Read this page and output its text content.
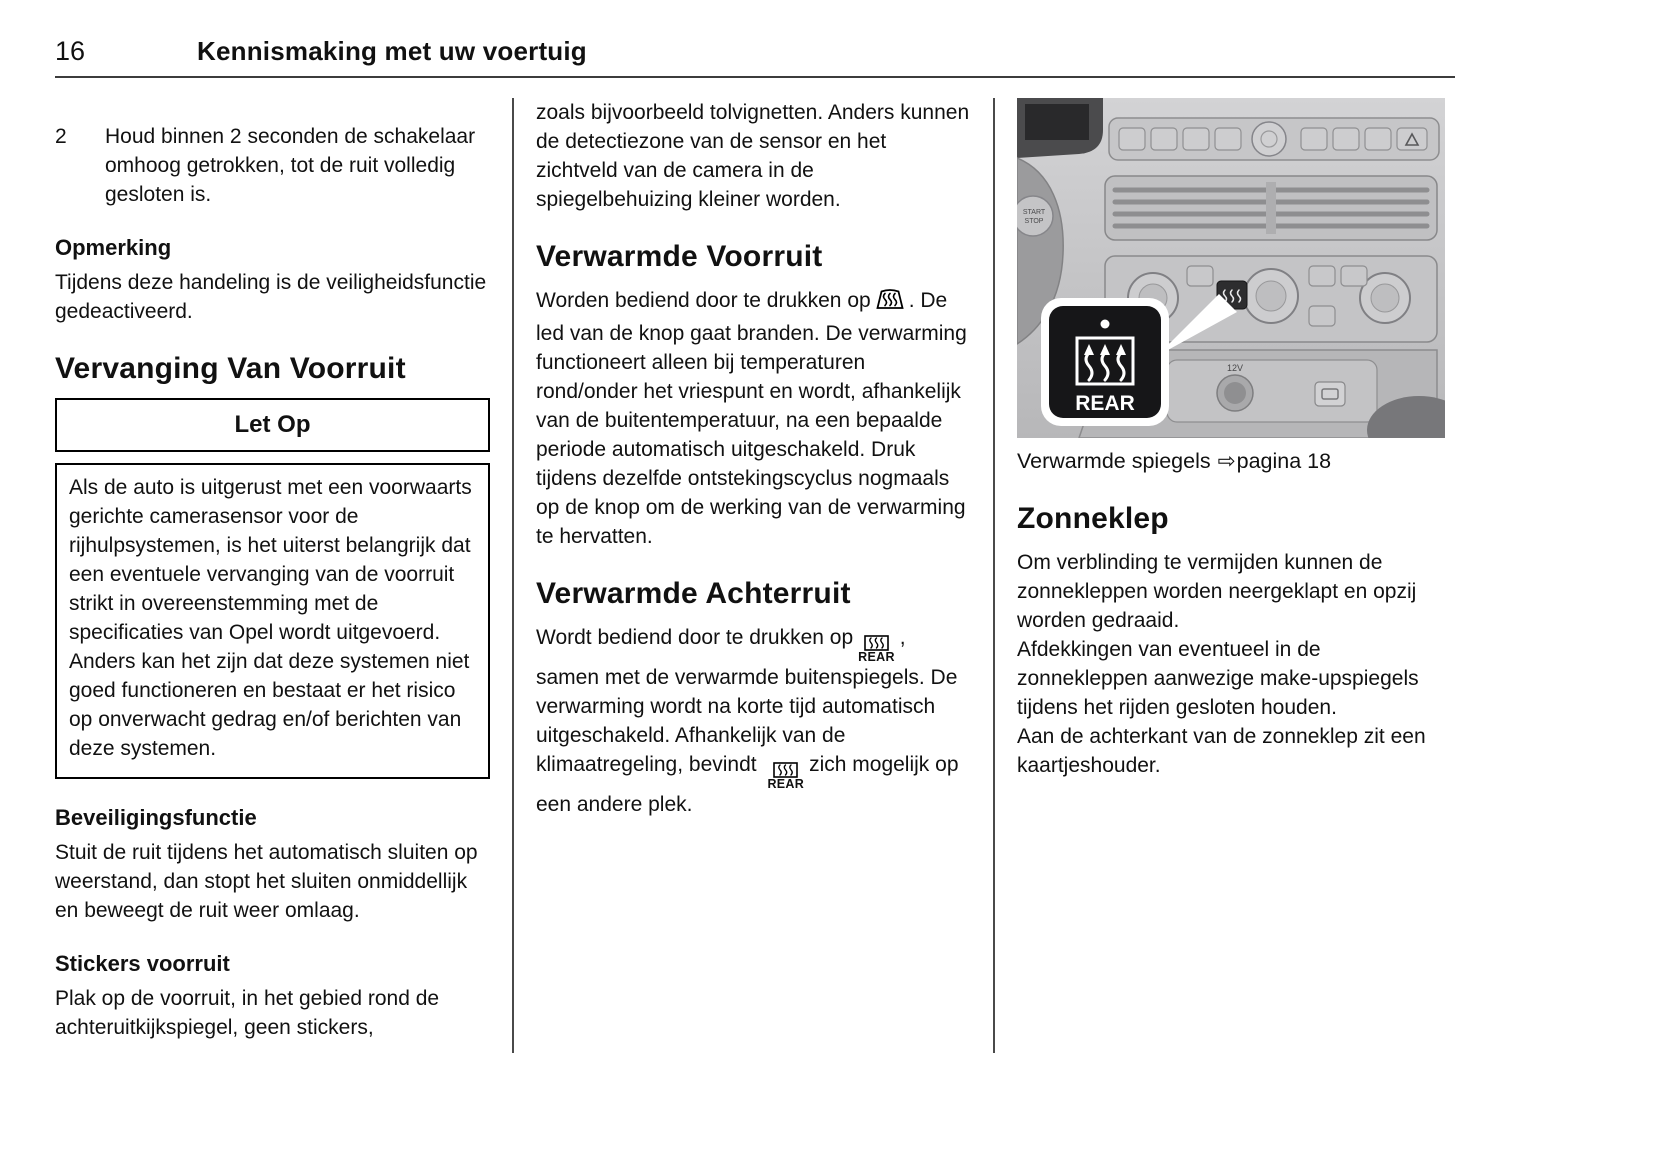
16	Kennismaking met uw voertuig
2	Houd binnen 2 seconden de schakelaar omhoog getrokken, tot de ruit volledig gesloten is.

Opmerking

Tijdens deze handeling is de veiligheidsfunctie gedeactiveerd.

Vervanging Van Voorruit
Let Op
Als de auto is uitgerust met een voorwaarts gerichte camerasensor voor de rijhulpsystemen, is het uiterst belangrijk dat een eventuele vervanging van de voorruit strikt in overeenstemming met de specificaties van Opel wordt uitgevoerd. Anders kan het zijn dat deze systemen niet goed functioneren en bestaat er het risico op onverwacht gedrag en/of berichten van deze systemen.
Beveiligingsfunctie

Stuit de ruit tijdens het automatisch sluiten op weerstand, dan stopt het sluiten onmiddellijk en beweegt de ruit weer omlaag.

Stickers voorruit

Plak op de voorruit, in het gebied rond de achteruitkijkspiegel, geen stickers,

zoals bijvoorbeeld tolvignetten. Anders kunnen de detectiezone van de sensor en het zichtveld van de camera in de spiegelbehuizing kleiner worden.

Verwarmde Voorruit

Worden bediend door te drukken op . De led van de knop gaat branden. De verwarming functioneert alleen bij temperaturen rond/onder het vriespunt en wordt, afhankelijk van de buitentemperatuur, na een bepaalde periode automatisch uitgeschakeld. Druk tijdens dezelfde ontstekingscyclus nogmaals op de knop om de werking van de verwarming te hervatten.

Verwarmde Achterruit

Wordt bediend door te drukken op
REAR
, samen met de verwarmde buitenspiegels. De verwarming wordt na korte tijd automatisch uitgeschakeld. Afhankelijk van de klimaatregeling, bevindt
REAR
zich mogelijk op een andere plek.

START
STOP
12V
REAR

Verwarmde spiegels ⇨pagina 18

Zonneklep

Om verblinding te vermijden kunnen de zonnekleppen worden neergeklapt en opzij worden gedraaid.

Afdekkingen van eventueel in de zonnekleppen aanwezige make-upspiegels tijdens het rijden gesloten houden.

Aan de achterkant van de zonneklep zit een kaartjeshouder.
